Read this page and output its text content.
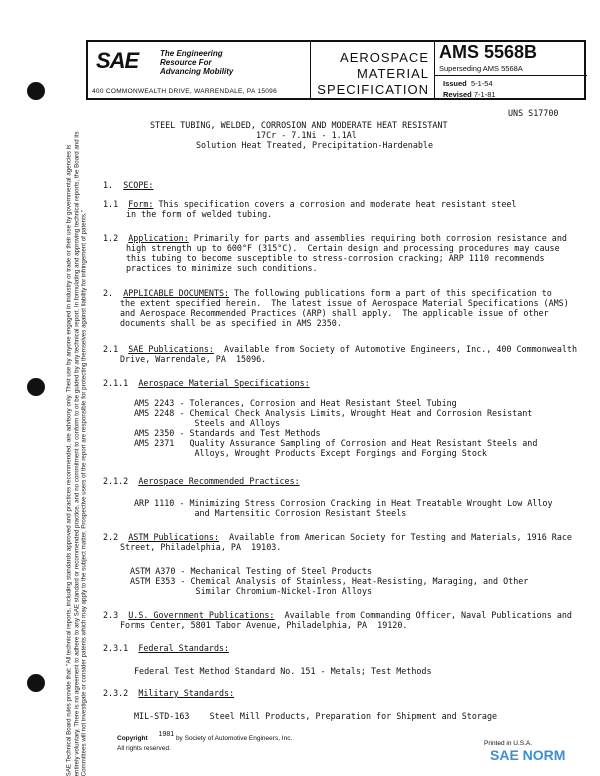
SAE Technical Board rules provide that: "All technical reports, including standards approved and practices recommended, are advisory only. Their use by anyone engaged in industry or trade or their use by governmental agencies is entirely voluntary. There is no agreement to adhere to any SAE standard or recommended practice, and no commitment to conform to or be guided by any technical report. In formulating and approving technical reports, the Board and its Committees will not investigate or consider patents which may apply to the subject matter. Prospective users of the report are responsible for protecting themselves against liability for infringement of patents."
SAE	The Engineering
Resource For
Advancing Mobility
400 COMMONWEALTH DRIVE, WARRENDALE, PA 15096
AEROSPACE
MATERIAL
SPECIFICATION
AMS 5568B
Superseding AMS 5568A
Issued 5-1-54
Revised 7-1-81
UNS S17700
STEEL TUBING, WELDED, CORROSION AND MODERATE HEAT RESISTANT
17Cr - 7.1Ni - 1.1Al
Solution Heat Treated, Precipitation-Hardenable
1. SCOPE:
1.1 Form: This specification covers a corrosion and moderate heat resistant steel
in the form of welded tubing.
1.2 Application: Primarily for parts and assemblies requiring both corrosion resistance and
high strength up to 600°F (315°C).  Certain design and processing procedures may cause
this tubing to become susceptible to stress-corrosion cracking; ARP 1110 recommends
practices to minimize such conditions.
2. APPLICABLE DOCUMENTS: The following publications form a part of this specification to
the extent specified herein.  The latest issue of Aerospace Material Specifications (AMS)
and Aerospace Recommended Practices (ARP) shall apply.  The applicable issue of other
documents shall be as specified in AMS 2350.
2.1 SAE Publications:  Available from Society of Automotive Engineers, Inc., 400 Commonwealth
Drive, Warrendale, PA  15096.
2.1.1 Aerospace Material Specifications:
AMS 2243 - Tolerances, Corrosion and Heat Resistant Steel Tubing
AMS 2248 - Chemical Check Analysis Limits, Wrought Heat and Corrosion Resistant
Steels and Alloys
AMS 2350 - Standards and Test Methods
AMS 2371   Quality Assurance Sampling of Corrosion and Heat Resistant Steels and
Alloys, Wrought Products Except Forgings and Forging Stock
2.1.2 Aerospace Recommended Practices:
ARP 1110 - Minimizing Stress Corrosion Cracking in Heat Treatable Wrought Low Alloy
and Martensitic Corrosion Resistant Steels
2.2 ASTM Publications:  Available from American Society for Testing and Materials, 1916 Race
Street, Philadelphia, PA  19103.
ASTM A370 - Mechanical Testing of Steel Products
ASTM E353 - Chemical Analysis of Stainless, Heat-Resisting, Maraging, and Other
Similar Chromium-Nickel-Iron Alloys
2.3 U.S. Government Publications:  Available from Commanding Officer, Naval Publications and
Forms Center, 5801 Tabor Avenue, Philadelphia, PA  19120.
2.3.1 Federal Standards:
Federal Test Method Standard No. 151 - Metals; Test Methods
2.3.2 Military Standards:
MIL-STD-163    Steel Mill Products, Preparation for Shipment and Storage
Copyright      1981 by Society of Automotive Engineers, Inc.
All rights reserved.
Printed in U.S.A.
SAE NORM
